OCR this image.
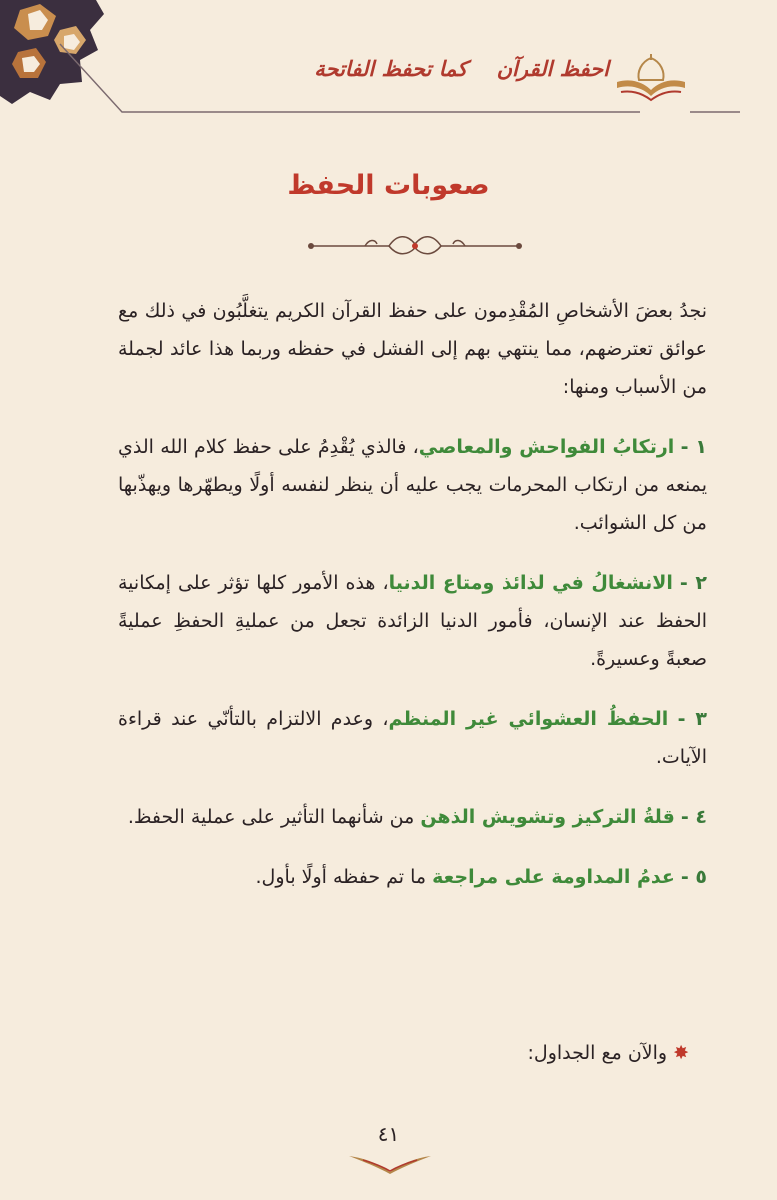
احفظ القرآن كما تحفظ الفاتحة
صعوبات الحفظ

نجدُ بعضَ الأشخاصِ المُقْدِمون على حفظ القرآن الكريم يتغلَّبُون في ذلك مع عوائق تعترضهم، مما ينتهي بهم إلى الفشل في حفظه وربما هذا عائد لجملة من الأسباب ومنها:

١ - ارتكابُ الفواحش والمعاصي، فالذي يُقْدِمُ على حفظ كلام الله الذي يمنعه من ارتكاب المحرمات يجب عليه أن ينظر لنفسه أولًا ويطهّرها ويهذّبها من كل الشوائب.

٢ - الانشغالُ في لذائذ ومتاع الدنيا، هذه الأمور كلها تؤثر على إمكانية الحفظ عند الإنسان، فأمور الدنيا الزائدة تجعل من عمليةِ الحفظِ عمليةً صعبةً وعسيرةً.

٣ - الحفظُ العشوائي غير المنظم، وعدم الالتزام بالتأنّي عند قراءة الآيات.

٤ - قلةُ التركيز وتشويش الذهن من شأنهما التأثير على عملية الحفظ.

٥ - عدمُ المداومة على مراجعة ما تم حفظه أولًا بأول.

✸والآن مع الجداول:
٤١
